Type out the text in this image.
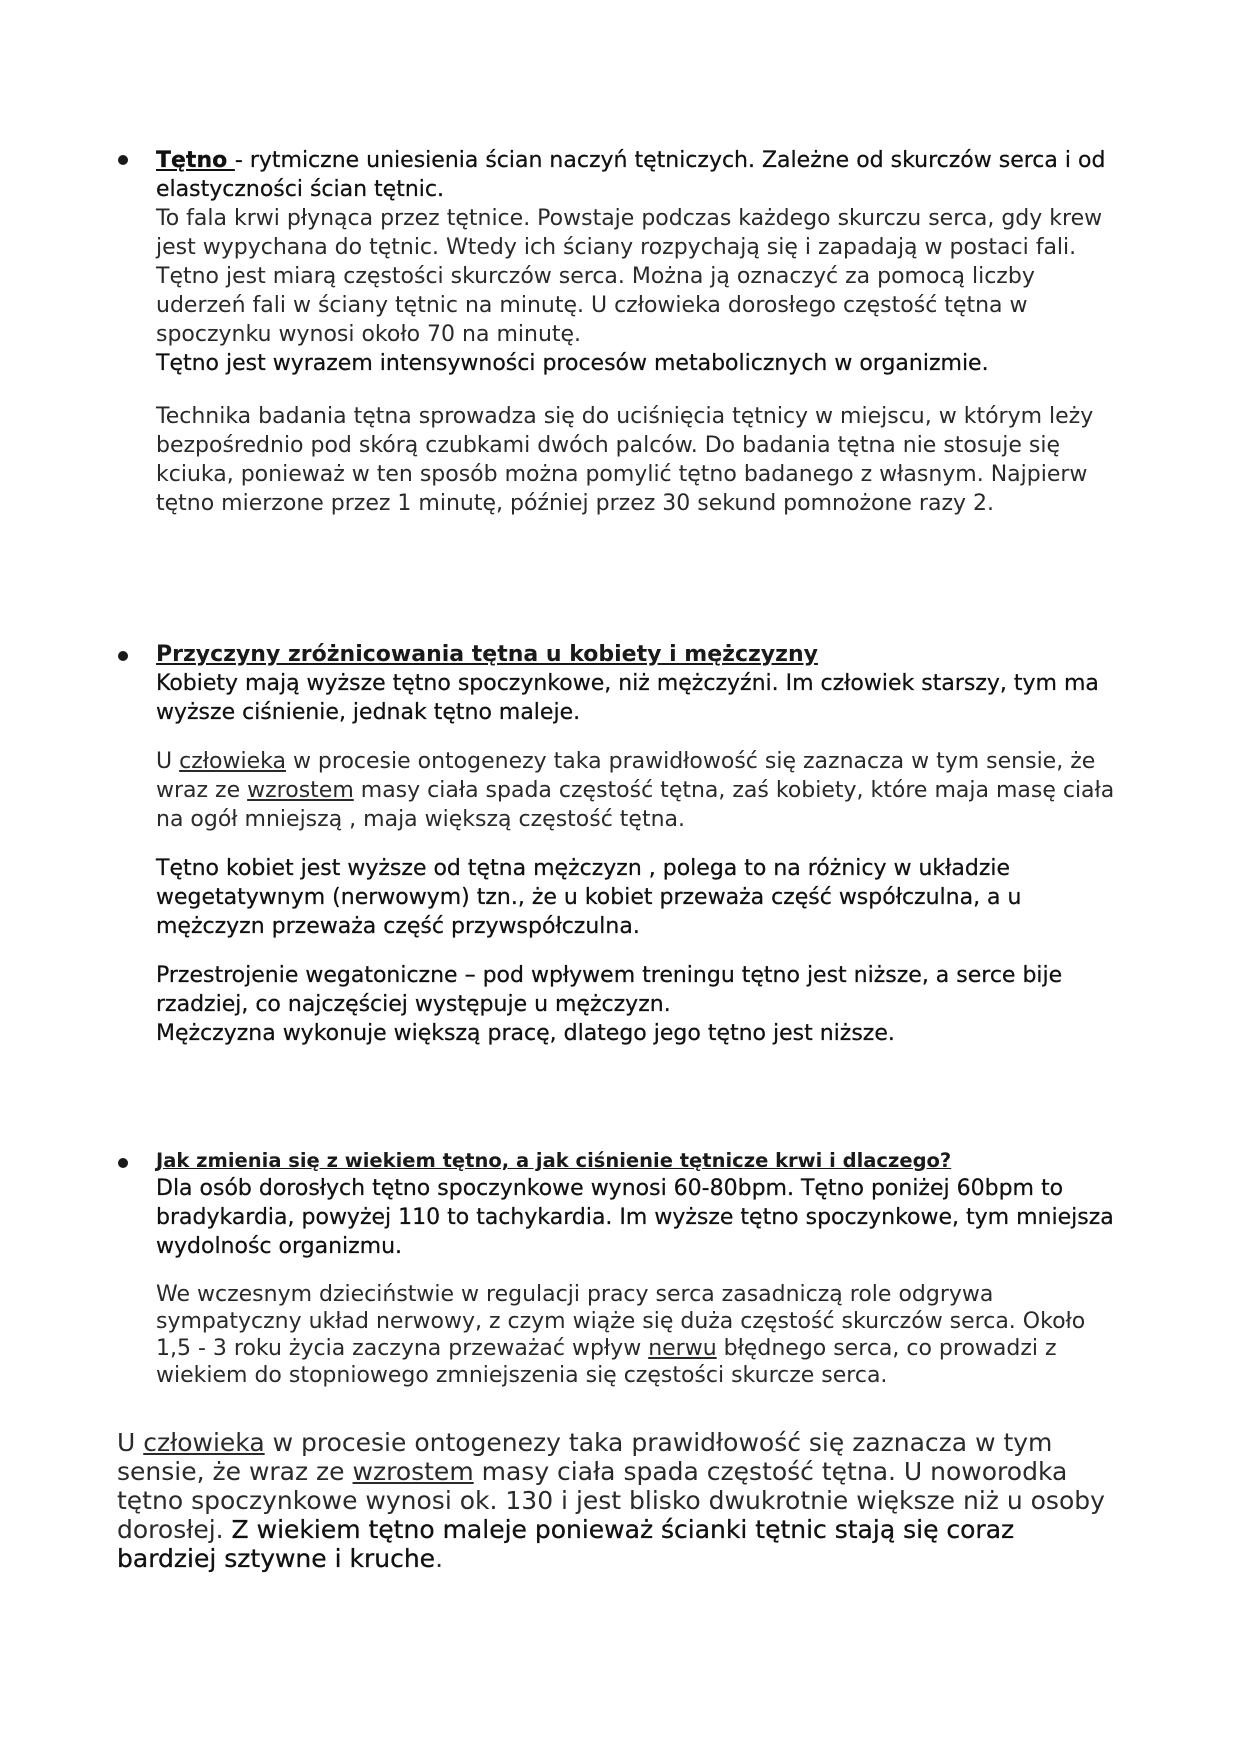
Tętno - rytmiczne uniesienia ścian naczyń tętniczych. Zależne od skurczów serca i od elastyczności ścian tętnic.

To fala krwi płynąca przez tętnice. Powstaje podczas każdego skurczu serca, gdy krew jest wypychana do tętnic. Wtedy ich ściany rozpychają się i zapadają w postaci fali.

Tętno jest miarą częstości skurczów serca. Można ją oznaczyć za pomocą liczby uderzeń fali w ściany tętnic na minutę. U człowieka dorosłego częstość tętna w spoczynku wynosi około 70 na minutę.

Tętno jest wyrazem intensywności procesów metabolicznych w organizmie.

Technika badania tętna sprowadza się do uciśnięcia tętnicy w miejscu, w którym leży bezpośrednio pod skórą czubkami dwóch palców. Do badania tętna nie stosuje się kciuka, ponieważ w ten sposób można pomylić tętno badanego z własnym. Najpierw tętno mierzone przez 1 minutę, później przez 30 sekund pomnożone razy 2.

Przyczyny zróżnicowania tętna u kobiety i mężczyzny

Kobiety mają wyższe tętno spoczynkowe, niż mężczyźni. Im człowiek starszy, tym ma wyższe ciśnienie, jednak tętno maleje.

U człowieka w procesie ontogenezy taka prawidłowość się zaznacza w tym sensie, że wraz ze wzrostem masy ciała spada częstość tętna, zaś kobiety, które maja masę ciała na ogół mniejszą , maja większą częstość tętna.

Tętno kobiet jest wyższe od tętna mężczyzn , polega to na różnicy w układzie wegetatywnym (nerwowym) tzn., że u kobiet przeważa część współczulna, a u mężczyzn przeważa część przywspółczulna.

Przestrojenie wegatoniczne – pod wpływem treningu tętno jest niższe, a serce bije rzadziej, co najczęściej występuje u mężczyzn.

Mężczyzna wykonuje większą pracę, dlatego jego tętno jest niższe.

Jak zmienia się z wiekiem tętno, a jak ciśnienie tętnicze krwi i dlaczego?

Dla osób dorosłych tętno spoczynkowe wynosi 60-80bpm. Tętno poniżej 60bpm to bradykardia, powyżej 110 to tachykardia. Im wyższe tętno spoczynkowe, tym mniejsza wydolnośc organizmu.

We wczesnym dzieciństwie w regulacji pracy serca zasadniczą role odgrywa sympatyczny układ nerwowy, z czym wiąże się duża częstość skurczów serca. Około 1,5 - 3 roku życia zaczyna przeważać wpływ nerwu błędnego serca, co prowadzi z wiekiem do stopniowego zmniejszenia się częstości skurcze serca.

U człowieka w procesie ontogenezy taka prawidłowość się zaznacza w tym sensie, że wraz ze wzrostem masy ciała spada częstość tętna. U noworodka tętno spoczynkowe wynosi ok. 130 i jest blisko dwukrotnie większe niż u osoby dorosłej. Z wiekiem tętno maleje ponieważ ścianki tętnic stają się coraz bardziej sztywne i kruche.
